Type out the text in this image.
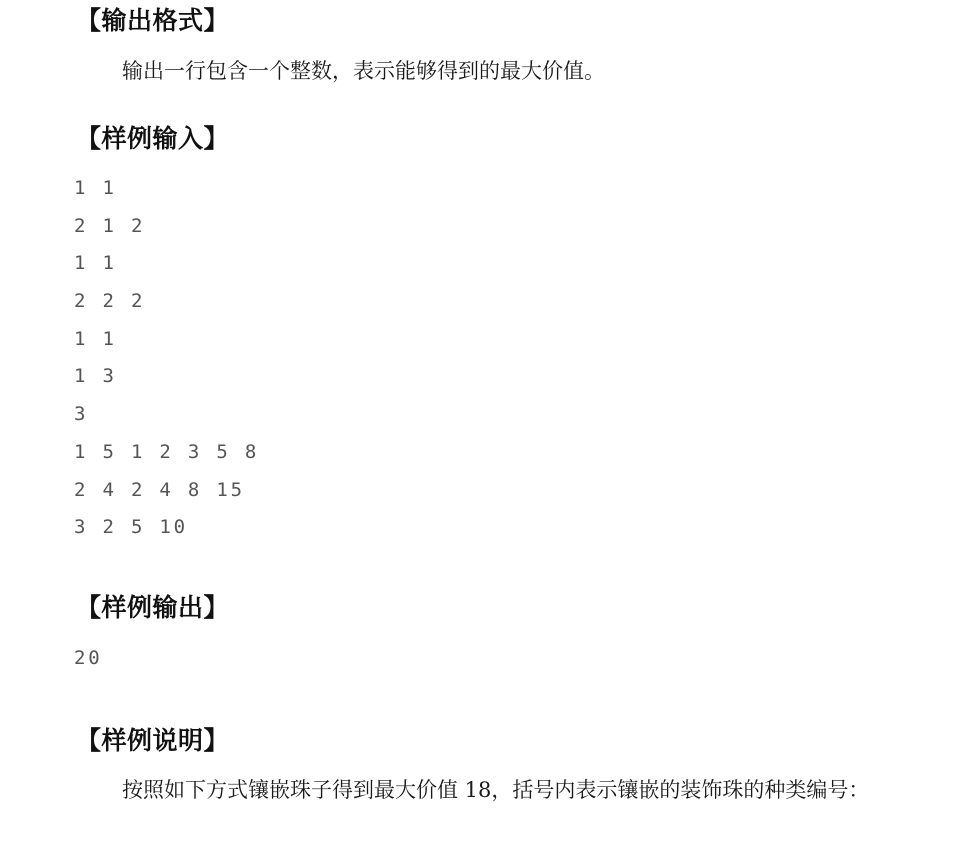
【输出格式】

输出一行包含一个整数，表示能够得到的最大价值。

【样例输入】
1 1
2 1 2
1 1
2 2 2
1 1
1 3
3
1 5 1 2 3 5 8
2 4 2 4 8 15
3 2 5 10
【样例输出】
20
【样例说明】

按照如下方式镶嵌珠子得到最大价值 18，括号内表示镶嵌的装饰珠的种类编号：
